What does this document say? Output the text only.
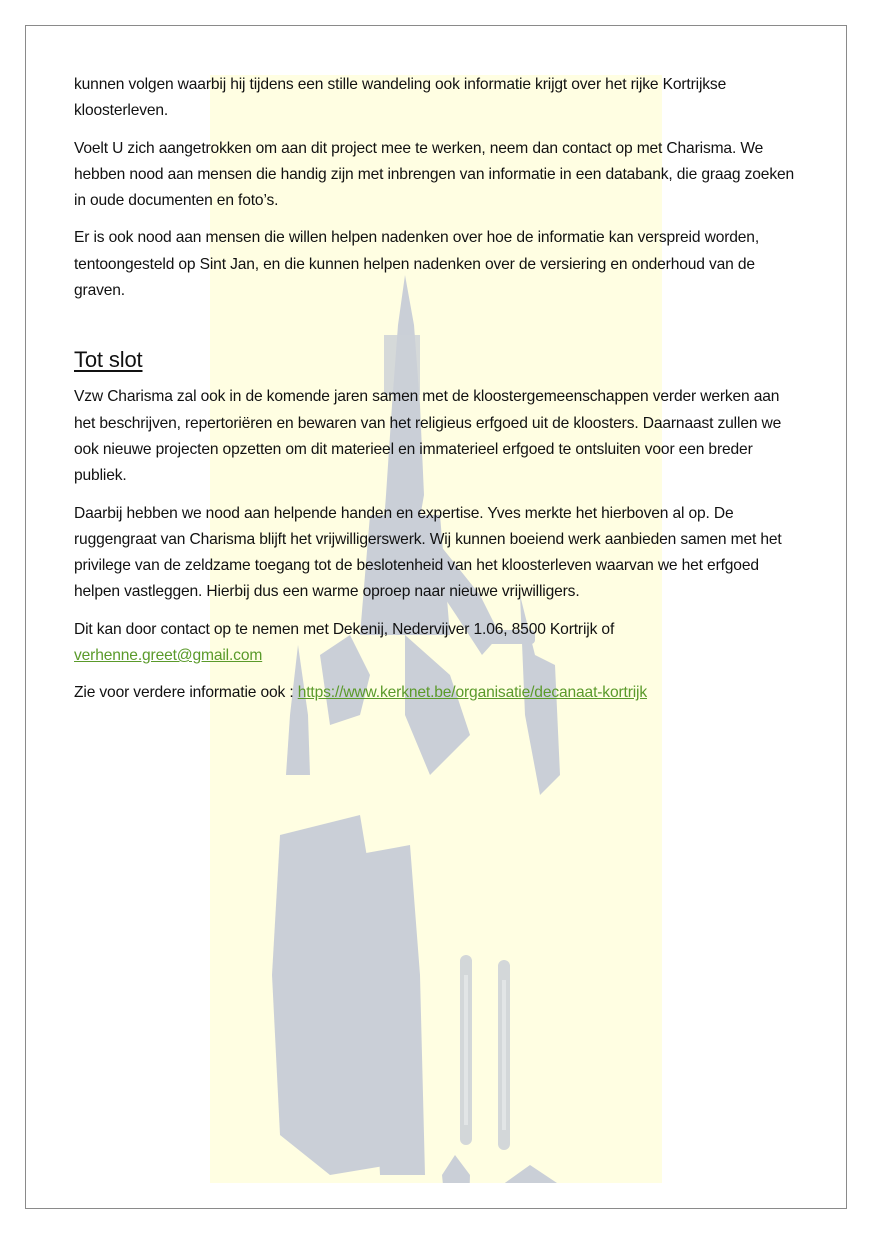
kunnen volgen waarbij hij tijdens een stille wandeling ook informatie krijgt over het rijke Kortrijkse kloosterleven.

Voelt U zich aangetrokken om aan dit project mee te werken, neem dan contact op met Charisma. We hebben nood aan mensen die handig zijn met inbrengen van informatie in een databank, die graag zoeken in oude documenten en foto’s.

Er is ook nood aan mensen die willen helpen nadenken over hoe de informatie kan verspreid worden, tentoongesteld op Sint Jan, en die kunnen helpen nadenken over de versiering en onderhoud van de graven.

Tot slot

Vzw Charisma zal ook in de komende jaren samen met de kloostergemeenschappen verder werken aan het beschrijven, repertoriëren en bewaren van het religieus erfgoed uit de kloosters. Daarnaast zullen we ook nieuwe projecten opzetten om dit materieel en immaterieel erfgoed te ontsluiten voor een breder publiek.

Daarbij hebben we nood aan helpende handen en expertise. Yves merkte het hierboven al op. De ruggengraat van Charisma blijft het vrijwilligerswerk. Wij kunnen boeiend werk aanbieden samen met het privilege van de zeldzame toegang tot de beslotenheid van het kloosterleven waarvan we het erfgoed helpen vastleggen. Hierbij dus een warme oproep naar nieuwe vrijwilligers.

Dit kan door contact op te nemen met Dekenij, Nedervijver 1.06, 8500 Kortrijk of
verhenne.greet@gmail.com

Zie voor verdere informatie ook : https://www.kerknet.be/organisatie/decanaat-kortrijk
